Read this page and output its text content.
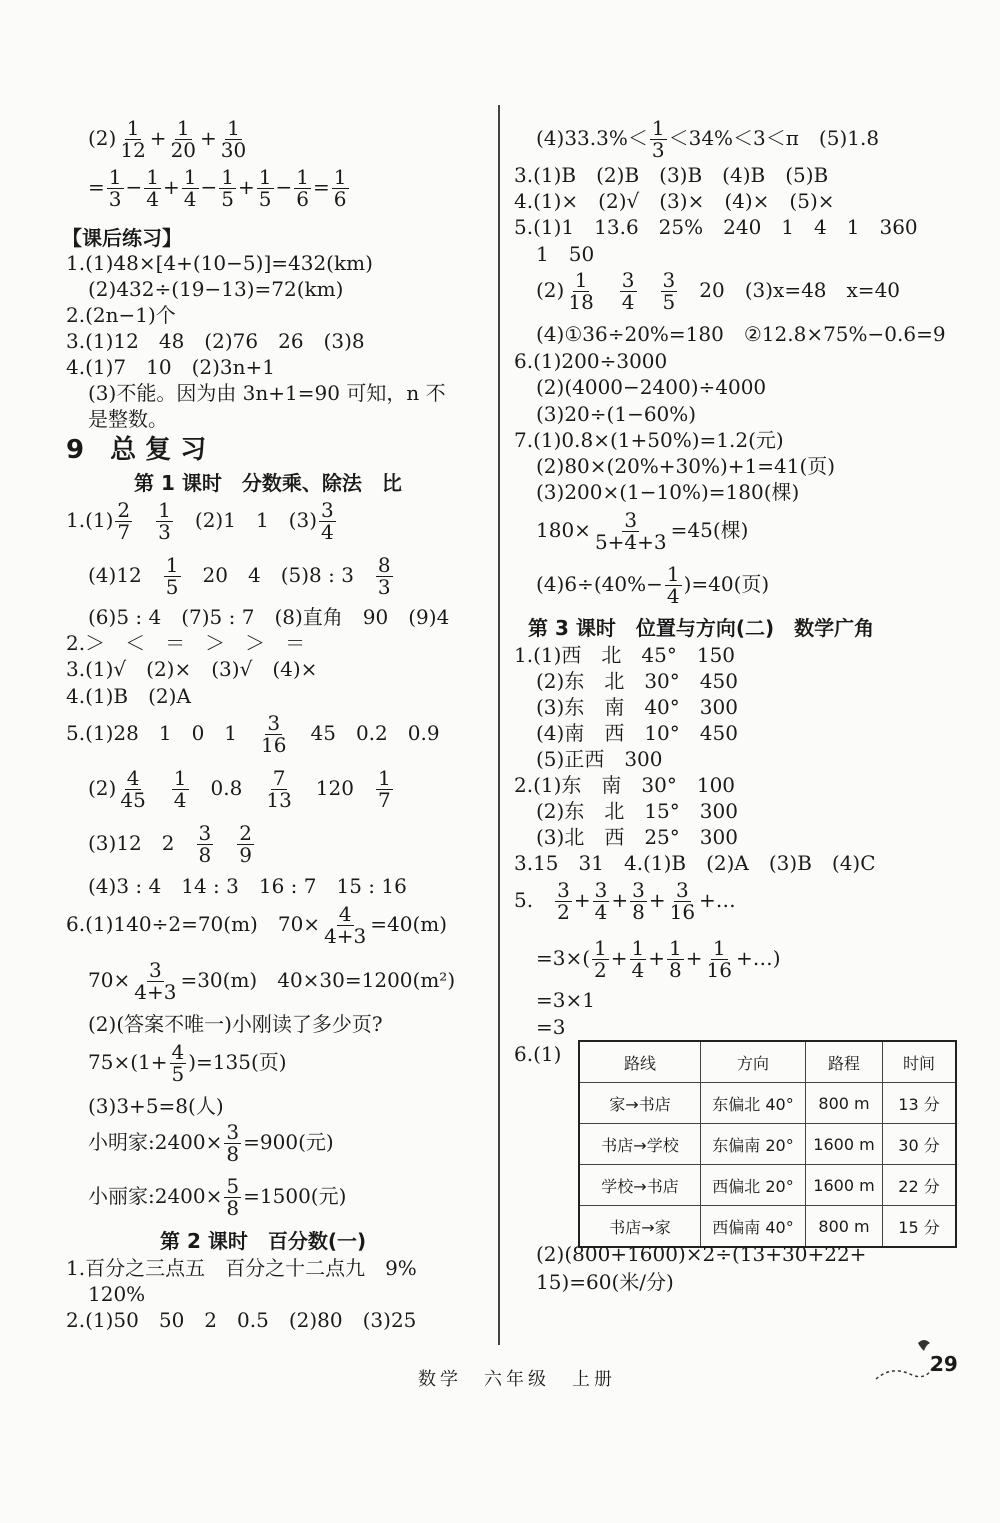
$(2) \frac{1}{12} + \frac{1}{20} + \frac{1}{30}$
= $\frac{1}{3} - \frac{1}{4} + \frac{1}{4} - \frac{1}{5} + \frac{1}{5} - \frac{1}{6} = \frac{1}{6}$
【课后练习】
1.(1)48×[4+(10−5)]=432(km)
(2)432÷(19−13)=72(km)
2.(2n−1)个
3.(1)12　48　(2)76　26　(3)8
4.(1)7　10　(2)3n+1
(3)不能。因为由 3n+1=90 可知，n 不
是整数。
9　总 复 习
第 1 课时　分数乘、除法　比
$1.(1) \frac{2}{7}$
　 $\frac{1}{3}$
　 (2)1　1　$(3) \frac{3}{4}$
(4)12　 $\frac{1}{5}$
　 20　4　(5)8 : 3　 $\frac{8}{3}$
(6)5 : 4　(7)5 : 7　(8)直角　90　(9)4
2.＞　＜　＝　＞　＞　＝
3.(1)√　(2)×　(3)√　(4)×
4.(1)B　(2)A
5.(1)28　1　0　1　 $\frac{3}{16}$
　 45　0.2　0.9
$(2) \frac{4}{45}$
　 $\frac{1}{4}$
　 0.8　 $\frac{7}{13}$
　 120　 $\frac{1}{7}$
(3)12　2　 $\frac{3}{8}$
　 $\frac{2}{9}$
(4)3 : 4　14 : 3　16 : 7　15 : 16
6.(1)140÷2=70(m)　$70\times \frac{4}{4+3} =40(m)$
$70\times \frac{3}{4+3} =30(m)$　40×30=1200(m²)
(2)(答案不唯一)小刚读了多少页?
$75\times(1+ \frac{4}{5} )=135$(页)
(3)3+5=8(人)
小明家:2400× $\frac{3}{8} =900$(元)
小丽家:2400× $\frac{5}{8} =1500$(元)
第 2 课时　百分数(一)
1.百分之三点五　百分之十二点九　9%
120%
2.(1)50　50　2　0.5　(2)80　(3)25
$(4)33.3\%< \frac{1}{3} <34\%<3<\pi$　(5)1.8
3.(1)B　(2)B　(3)B　(4)B　(5)B
4.(1)×　(2)√　(3)×　(4)×　(5)×
5.(1)1　13.6　25%　240　1　4　1　360
1　50
$(2) \frac{1}{18}$
　 $\frac{3}{4}$
　 $\frac{3}{5}$
　 20　(3)x=48　x=40
(4)①36÷20%=180　②12.8×75%−0.6=9
6.(1)200÷3000
(2)(4000−2400)÷4000
(3)20÷(1−60%)
7.(1)0.8×(1+50%)=1.2(元)
(2)80×(20%+30%)+1=41(页)
(3)200×(1−10%)=180(棵)
$180\times \frac{3}{5+4+3} =45$(棵)
$(4)6\div(40\%- \frac{1}{4} )=40$(页)
第 3 课时　位置与方向(二)　数学广角
1.(1)西　北　45°　150
(2)东　北　30°　450
(3)东　南　40°　300
(4)南　西　10°　450
(5)正西　300
2.(1)东　南　30°　100
(2)东　北　15°　300
(3)北　西　25°　300
3.15　31　4.(1)B　(2)A　(3)B　(4)C
5.　 $\frac{3}{2} + \frac{3}{4} + \frac{3}{8} + \frac{3}{16}$ +…
$=3\times( \frac{1}{2} + \frac{1}{4} + \frac{1}{8} + \frac{1}{16}$ +…)
=3×1
=3
6.(1)	路线	方向	路程	时间
家→书店	东偏北 40°	800 m	13 分
书店→学校	东偏南 20°	1600 m	30 分
学校→书店	西偏北 20°	1600 m	22 分
书店→家	西偏南 40°	800 m	15 分
(2)(800+1600)×2÷(13+30+22+
15)=60(米/分)
数学　六年级　上册
29
